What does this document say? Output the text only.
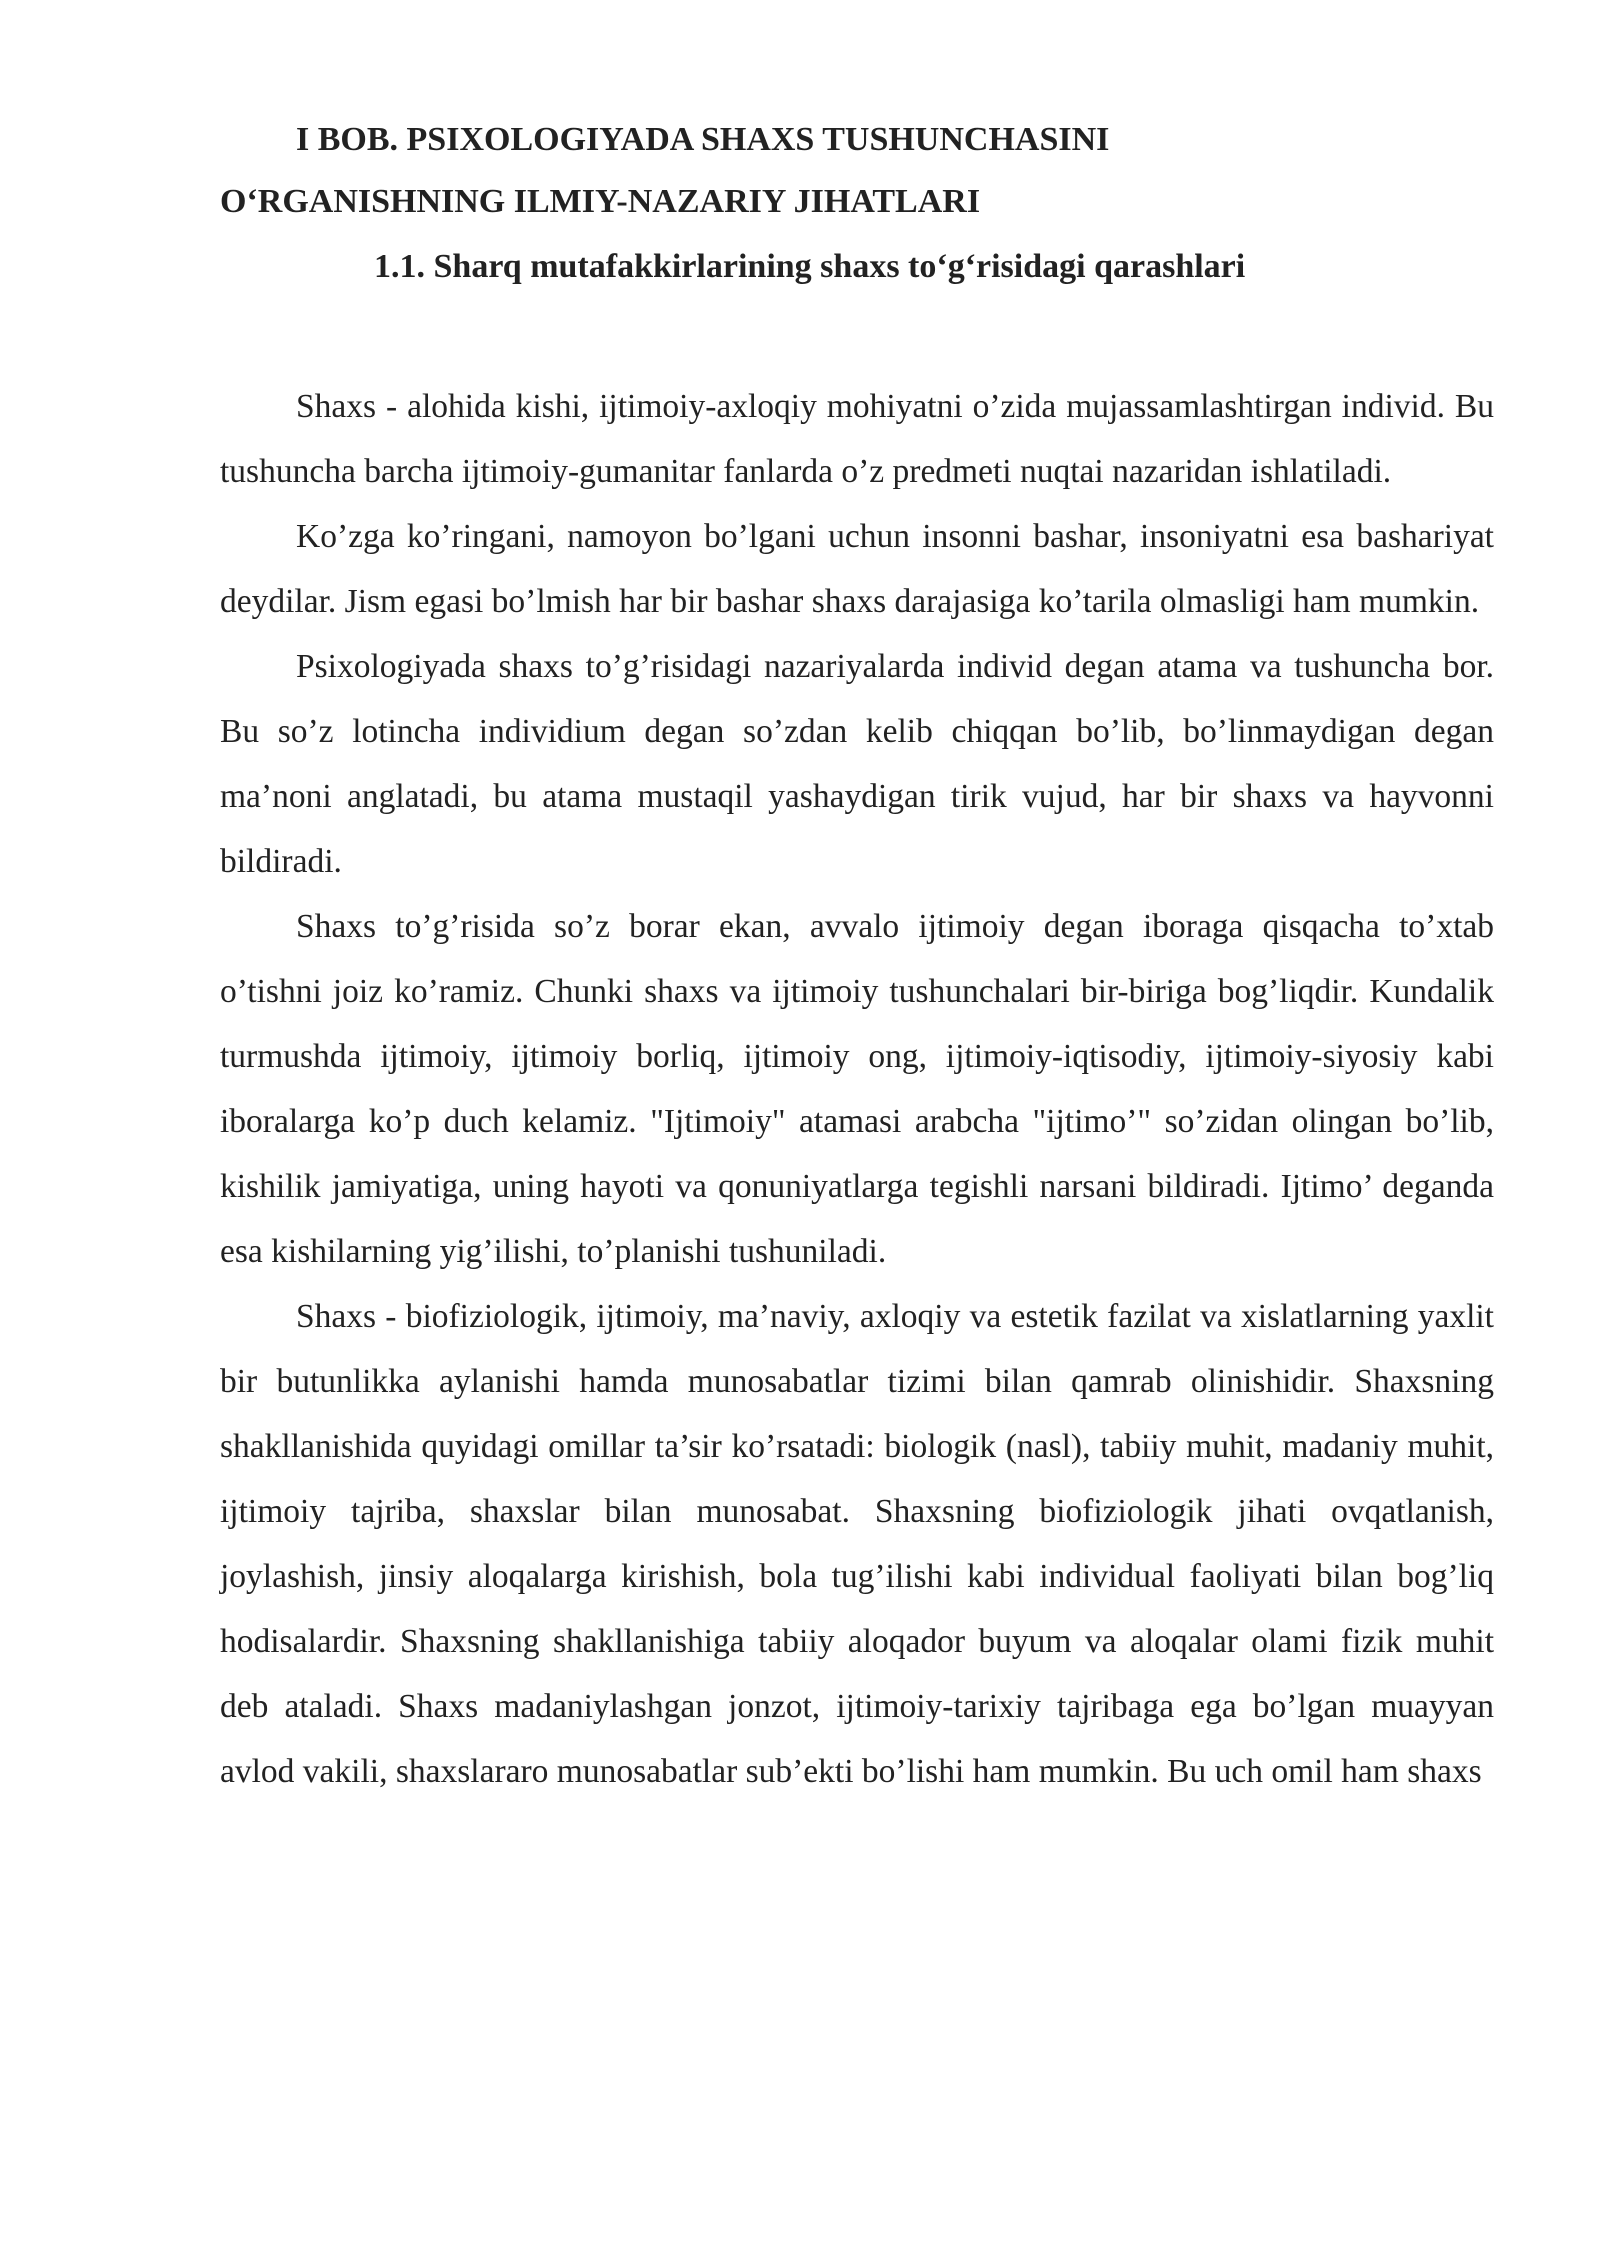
I BOB. PSIXOLOGIYADA SHAXS TUSHUNCHASINI
O‘RGANISHNING ILMIY-NAZARIY JIHATLARI
1.1. Sharq mutafakkirlarining shaxs to‘g‘risidagi qarashlari

Shaxs - alohida kishi, ijtimoiy-axloqiy mohiyatni o’zida mujassamlashtirgan individ. Bu tushuncha barcha ijtimoiy-gumanitar fanlarda o’z predmeti nuqtai nazaridan ishlatiladi.

Ko’zga ko’ringani, namoyon bo’lgani uchun insonni bashar, insoniyatni esa bashariyat deydilar. Jism egasi bo’lmish har bir bashar shaxs darajasiga ko’tarila olmasligi ham mumkin.

Psixologiyada shaxs to’g’risidagi nazariyalarda individ degan atama va tushuncha bor. Bu so’z lotincha individium degan so’zdan kelib chiqqan bo’lib, bo’linmaydigan degan ma’noni anglatadi, bu atama mustaqil yashaydigan tirik vujud, har bir shaxs va hayvonni bildiradi.

Shaxs to’g’risida so’z borar ekan, avvalo ijtimoiy degan iboraga qisqacha to’xtab o’tishni joiz ko’ramiz. Chunki shaxs va ijtimoiy tushunchalari bir-biriga bog’liqdir. Kundalik turmushda ijtimoiy, ijtimoiy borliq, ijtimoiy ong, ijtimoiy-iqtisodiy, ijtimoiy-siyosiy kabi iboralarga ko’p duch kelamiz. "Ijtimoiy" atamasi arabcha "ijtimo’" so’zidan olingan bo’lib, kishilik jamiyatiga, uning hayoti va qonuniyatlarga tegishli narsani bildiradi. Ijtimo’ deganda esa kishilarning yig’ilishi, to’planishi tushuniladi.

Shaxs - biofiziologik, ijtimoiy, ma’naviy, axloqiy va estetik fazilat va xislatlarning yaxlit bir butunlikka aylanishi hamda munosabatlar tizimi bilan qamrab olinishidir. Shaxsning shakllanishida quyidagi omillar ta’sir ko’rsatadi: biologik (nasl), tabiiy muhit, madaniy muhit, ijtimoiy tajriba, shaxslar bilan munosabat. Shaxsning biofiziologik jihati ovqatlanish, joylashish, jinsiy aloqalarga kirishish, bola tug’ilishi kabi individual faoliyati bilan bog’liq hodisalardir. Shaxsning shakllanishiga tabiiy aloqador buyum va aloqalar olami fizik muhit deb ataladi. Shaxs madaniylashgan jonzot, ijtimoiy-tarixiy tajribaga ega bo’lgan muayyan avlod vakili, shaxslararo munosabatlar sub’ekti bo’lishi ham mumkin. Bu uch omil ham shaxs
